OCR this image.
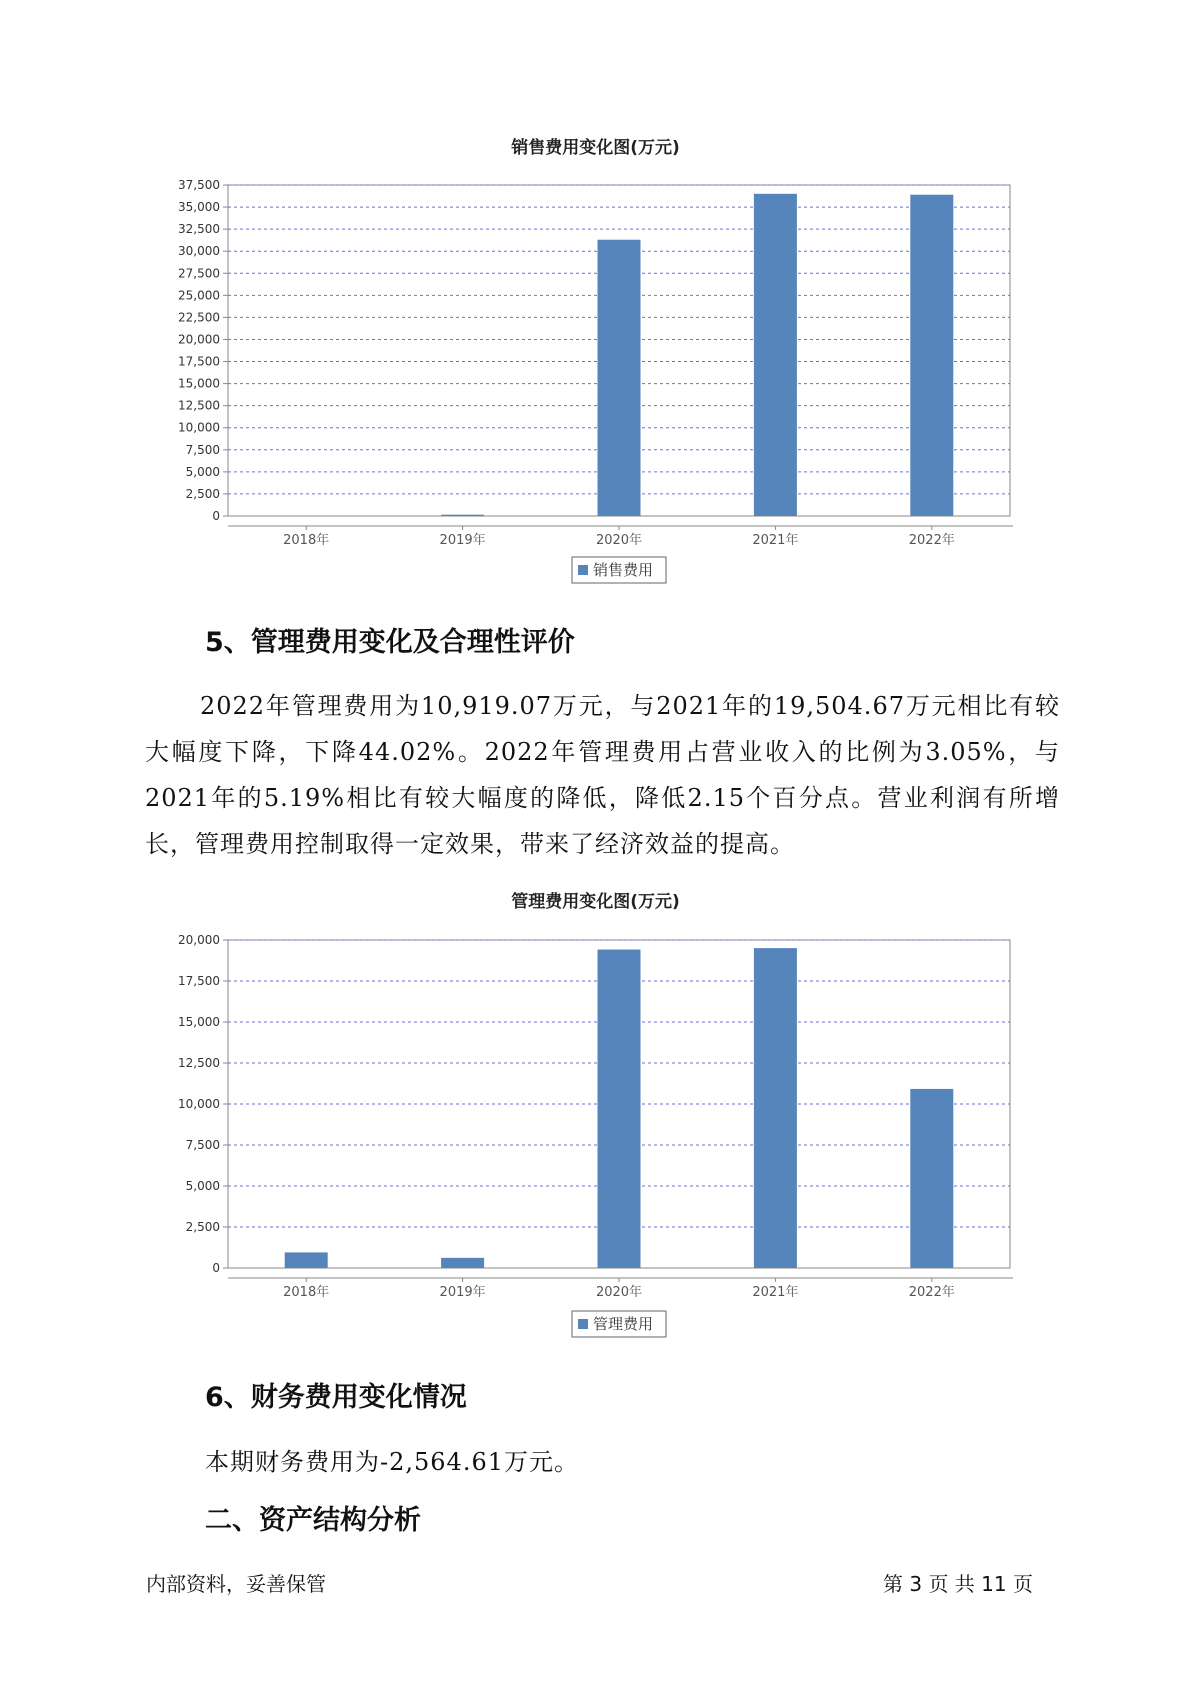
销售费用变化图(万元)
0
2,500
5,000
7,500
10,000
12,500
15,000
17,500
20,000
22,500
25,000
27,500
30,000
32,500
35,000
37,500
2018年	2019年	2020年	2021年	2022年
销售费用
5、管理费用变化及合理性评价

2022年管理费用为10,919.07万元，与2021年的19,504.67万元相比有较大幅度下降，下降44.02%。2022年管理费用占营业收入的比例为3.05%，与2021年的5.19%相比有较大幅度的降低，降低2.15个百分点。营业利润有所增长，管理费用控制取得一定效果，带来了经济效益的提高。

管理费用变化图(万元)
0
2,500
5,000
7,500
10,000
12,500
15,000
17,500
20,000
2018年	2019年	2020年	2021年	2022年
管理费用
6、财务费用变化情况
本期财务费用为-2,564.61万元。
二、资产结构分析
内部资料，妥善保管	第 3 页 共 11 页
